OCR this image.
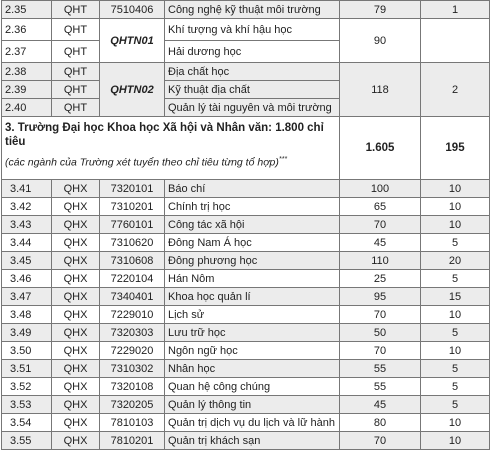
2.35	QHT	7510406	Công nghệ kỹ thuật môi trường	79	1
2.36	QHT	QHTN01	Khí tượng và khí hậu học	90	
2.37	QHT		Hải dương học		
2.38	QHT	QHTN02	Địa chất học	118	2
2.39	QHT		Kỹ thuật địa chất		
2.40	QHT		Quản lý tài nguyên và môi trường		
3. Trường Đại học Khoa học Xã hội và Nhân văn: 1.800 chỉ tiêu
(các ngành của Trường xét tuyển theo chỉ tiêu từng tổ hợp)***				1.605	195
3.41	QHX	7320101	Báo chí	100	10
3.42	QHX	7310201	Chính trị học	65	10
3.43	QHX	7760101	Công tác xã hội	70	10
3.44	QHX	7310620	Đông Nam Á học	45	5
3.45	QHX	7310608	Đông phương học	110	20
3.46	QHX	7220104	Hán Nôm	25	5
3.47	QHX	7340401	Khoa học quản lí	95	15
3.48	QHX	7229010	Lịch sử	70	10
3.49	QHX	7320303	Lưu trữ học	50	5
3.50	QHX	7229020	Ngôn ngữ học	70	10
3.51	QHX	7310302	Nhân học	55	5
3.52	QHX	7320108	Quan hệ công chúng	55	5
3.53	QHX	7320205	Quản lý thông tin	45	5
3.54	QHX	7810103	Quản trị dịch vụ du lịch và lữ hành	80	10
3.55	QHX	7810201	Quản trị khách sạn	70	10
